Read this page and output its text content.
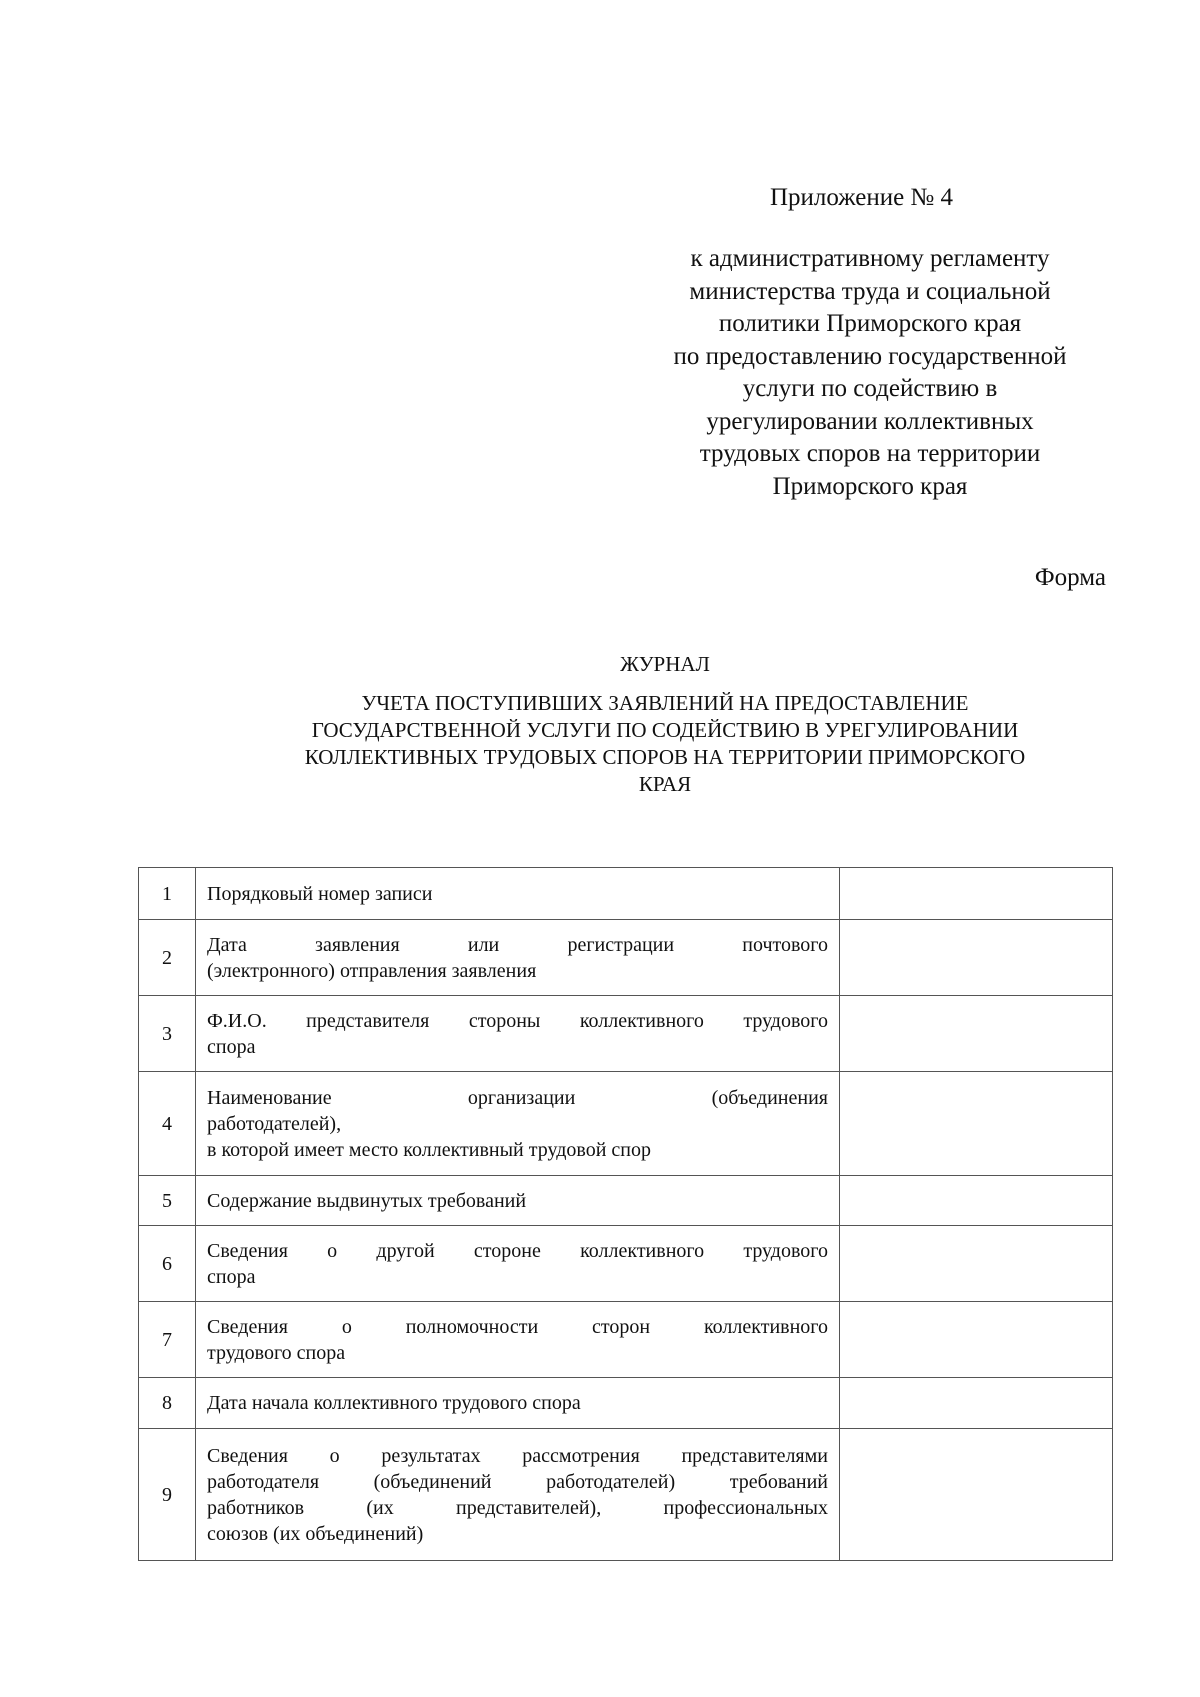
Приложение № 4
к административному регламенту
министерства труда и социальной
политики Приморского края
по предоставлению государственной
услуги по содействию в
урегулировании коллективных
трудовых споров на территории
Приморского края
Форма
ЖУРНАЛ
УЧЕТА ПОСТУПИВШИХ ЗАЯВЛЕНИЙ НА ПРЕДОСТАВЛЕНИЕ
ГОСУДАРСТВЕННОЙ УСЛУГИ ПО СОДЕЙСТВИЮ В УРЕГУЛИРОВАНИИ
КОЛЛЕКТИВНЫХ ТРУДОВЫХ СПОРОВ НА ТЕРРИТОРИИ ПРИМОРСКОГО
КРАЯ
1	Порядковый номер записи	

2	Дата заявления или регистрации почтового
(электронного) отправления заявления	

3	Ф.И.О. представителя стороны коллективного трудового
спора	

4	Наименование организации (объединения
работодателей),
в которой имеет место коллективный трудовой спор	

5	Содержание выдвинутых требований	

6	Сведения о другой стороне коллективного трудового
спора	

7	Сведения о полномочности сторон коллективного
трудового спора	

8	Дата начала коллективного трудового спора	

9	Сведения о результатах рассмотрения представителями
работодателя (объединений работодателей) требований
работников (их представителей), профессиональных
союзов (их объединений)	
